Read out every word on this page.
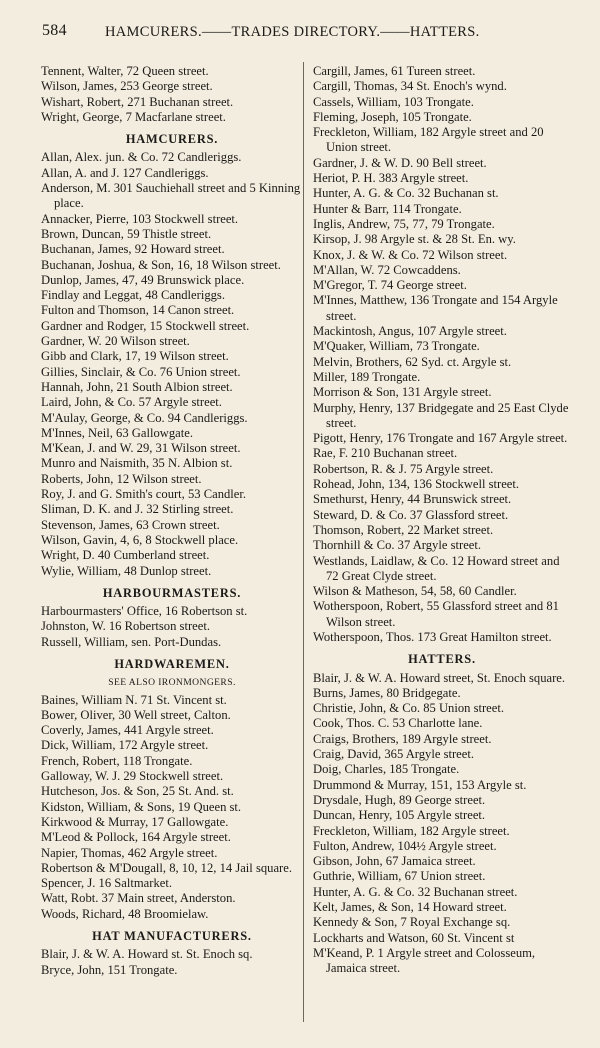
584	HAMCURERS.——TRADES DIRECTORY.——HATTERS.
Tennent, Walter, 72 Queen street.
Wilson, James, 253 George street.
Wishart, Robert, 271 Buchanan street.
Wright, George, 7 Macfarlane street.
HAMCURERS.
Allan, Alex. jun. & Co. 72 Candleriggs.
Allan, A. and J. 127 Candleriggs.
Anderson, M. 301 Sauchiehall street and 5 Kinning place.
Annacker, Pierre, 103 Stockwell street.
Brown, Duncan, 59 Thistle street.
Buchanan, James, 92 Howard street.
Buchanan, Joshua, & Son, 16, 18 Wilson street.
Dunlop, James, 47, 49 Brunswick place.
Findlay and Leggat, 48 Candleriggs.
Fulton and Thomson, 14 Canon street.
Gardner and Rodger, 15 Stockwell street.
Gardner, W. 20 Wilson street.
Gibb and Clark, 17, 19 Wilson street.
Gillies, Sinclair, & Co. 76 Union street.
Hannah, John, 21 South Albion street.
Laird, John, & Co. 57 Argyle street.
M'Aulay, George, & Co. 94 Candleriggs.
M'Innes, Neil, 63 Gallowgate.
M'Kean, J. and W. 29, 31 Wilson street.
Munro and Naismith, 35 N. Albion st.
Roberts, John, 12 Wilson street.
Roy, J. and G. Smith's court, 53 Candler.
Sliman, D. K. and J. 32 Stirling street.
Stevenson, James, 63 Crown street.
Wilson, Gavin, 4, 6, 8 Stockwell place.
Wright, D. 40 Cumberland street.
Wylie, William, 48 Dunlop street.
HARBOURMASTERS.
Harbourmasters' Office, 16 Robertson st.
Johnston, W. 16 Robertson street.
Russell, William, sen. Port-Dundas.
HARDWAREMEN.
SEE ALSO IRONMONGERS.
Baines, William N. 71 St. Vincent st.
Bower, Oliver, 30 Well street, Calton.
Coverly, James, 441 Argyle street.
Dick, William, 172 Argyle street.
French, Robert, 118 Trongate.
Galloway, W. J. 29 Stockwell street.
Hutcheson, Jos. & Son, 25 St. And. st.
Kidston, William, & Sons, 19 Queen st.
Kirkwood & Murray, 17 Gallowgate.
M'Leod & Pollock, 164 Argyle street.
Napier, Thomas, 462 Argyle street.
Robertson & M'Dougall, 8, 10, 12, 14 Jail square.
Spencer, J. 16 Saltmarket.
Watt, Robt. 37 Main street, Anderston.
Woods, Richard, 48 Broomielaw.
HAT MANUFACTURERS.
Blair, J. & W. A. Howard st. St. Enoch sq.
Bryce, John, 151 Trongate.
Cargill, James, 61 Tureen street.
Cargill, Thomas, 34 St. Enoch's wynd.
Cassels, William, 103 Trongate.
Fleming, Joseph, 105 Trongate.
Freckleton, William, 182 Argyle street and 20 Union street.
Gardner, J. & W. D. 90 Bell street.
Heriot, P. H. 383 Argyle street.
Hunter, A. G. & Co. 32 Buchanan st.
Hunter & Barr, 114 Trongate.
Inglis, Andrew, 75, 77, 79 Trongate.
Kirsop, J. 98 Argyle st. & 28 St. En. wy.
Knox, J. & W. & Co. 72 Wilson street.
M'Allan, W. 72 Cowcaddens.
M'Gregor, T. 74 George street.
M'Innes, Matthew, 136 Trongate and 154 Argyle street.
Mackintosh, Angus, 107 Argyle street.
M'Quaker, William, 73 Trongate.
Melvin, Brothers, 62 Syd. ct. Argyle st.
Miller, 189 Trongate.
Morrison & Son, 131 Argyle street.
Murphy, Henry, 137 Bridgegate and 25 East Clyde street.
Pigott, Henry, 176 Trongate and 167 Argyle street.
Rae, F. 210 Buchanan street.
Robertson, R. & J. 75 Argyle street.
Rohead, John, 134, 136 Stockwell street.
Smethurst, Henry, 44 Brunswick street.
Steward, D. & Co. 37 Glassford street.
Thomson, Robert, 22 Market street.
Thornhill & Co. 37 Argyle street.
Westlands, Laidlaw, & Co. 12 Howard street and 72 Great Clyde street.
Wilson & Matheson, 54, 58, 60 Candler.
Wotherspoon, Robert, 55 Glassford street and 81 Wilson street.
Wotherspoon, Thos. 173 Great Hamilton street.
HATTERS.
Blair, J. & W. A. Howard street, St. Enoch square.
Burns, James, 80 Bridgegate.
Christie, John, & Co. 85 Union street.
Cook, Thos. C. 53 Charlotte lane.
Craigs, Brothers, 189 Argyle street.
Craig, David, 365 Argyle street.
Doig, Charles, 185 Trongate.
Drummond & Murray, 151, 153 Argyle st.
Drysdale, Hugh, 89 George street.
Duncan, Henry, 105 Argyle street.
Freckleton, William, 182 Argyle street.
Fulton, Andrew, 104½ Argyle street.
Gibson, John, 67 Jamaica street.
Guthrie, William, 67 Union street.
Hunter, A. G. & Co. 32 Buchanan street.
Kelt, James, & Son, 14 Howard street.
Kennedy & Son, 7 Royal Exchange sq.
Lockharts and Watson, 60 St. Vincent st
M'Keand, P. 1 Argyle street and Colosseum, Jamaica street.
